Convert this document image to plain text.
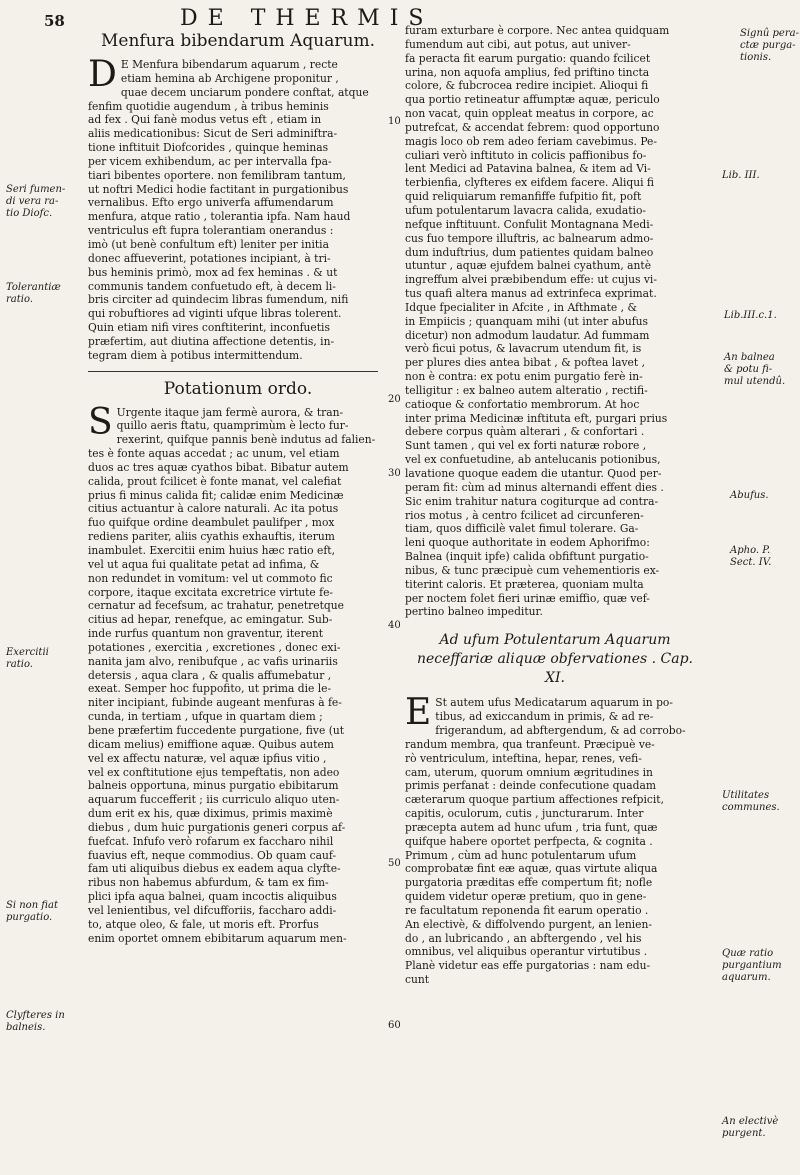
58	DE THERMIS
Menfura bibendarum Aquarum.
D E Menfura bibendarum aquarum , recte
etiam hemina ab Archigene proponitur ,
quae decem unciarum pondere conftat, atque
fenfim quotidie augendum , à tribus heminis
ad fex . Qui fanè modus vetus eft , etiam in
aliis medicationibus: Sicut de Seri adminiftra-
tione inftituit Diofcorides , quinque heminas
per vicem exhibendum, ac per intervalla fpa-
tiari bibentes oportere. non femilibram tantum,
ut noftri Medici hodie factitant in purgationibus
vernalibus. Efto ergo univerfa affumendarum
menfura, atque ratio , tolerantia ipfa. Nam haud
ventriculus eft fupra tolerantiam onerandus :
imò (ut benè confultum eft) leniter per initia
donec affueverint, potationes incipiant, à tri-
bus heminis primò, mox ad fex heminas . & ut
communis tandem confuetudo eft, à decem li-
bris circiter ad quindecim libras fumendum, nifi
qui robuftiores ad viginti ufque libras tolerent.
Quin etiam nifi vires conftiterint, inconfuetis
præfertim, aut diutina affectione detentis, in-
tegram diem à potibus intermittendum.
Potationum ordo.
S Urgente itaque jam fermè aurora, & tran-
quillo aeris ftatu, quamprimùm è lecto fur-
rexerint, quifque pannis benè indutus ad falien-
tes è fonte aquas accedat ; ac unum, vel etiam
duos ac tres aquæ cyathos bibat. Bibatur autem
calida, prout fcilicet è fonte manat, vel calefiat
prius fi minus calida fit; calidæ enim Medicinæ
citius actuantur à calore naturali. Ac ita potus
fuo quifque ordine deambulet paulifper , mox
rediens pariter, aliis cyathis exhauftis, iterum
inambulet. Exercitii enim huius hæc ratio eft,
vel ut aqua fui qualitate petat ad infima, &
non redundet in vomitum: vel ut commoto fic
corpore, itaque excitata excretrice virtute fe-
cernatur ad fecefsum, ac trahatur, penetretque
citius ad hepar, renefque, ac emingatur. Sub-
inde rurfus quantum non graventur, iterent
potationes , exercitia , excretiones , donec exi-
nanita jam alvo, renibufque , ac vafis urinariis
detersis , aqua clara , & qualis affumebatur ,
exeat. Semper hoc fuppofito, ut prima die le-
niter incipiant, fubinde augeant menfuras à fe-
cunda, in tertiam , ufque in quartam diem ;
bene præfertim fuccedente purgatione, five (ut
dicam melius) emiffione aquæ. Quibus autem
vel ex affectu naturæ, vel aquæ ipfius vitio ,
vel ex conftitutione ejus tempeftatis, non adeo
balneis opportuna, minus purgatio ebibitarum
aquarum fuccefferit ; iis curriculo aliquo uten-
dum erit ex his, quæ diximus, primis maximè
diebus , dum huic purgationis generi corpus af-
fuefcat. Infufo verò rofarum ex faccharo nihil
fuavius eft, neque commodius. Ob quam cauf-
fam uti aliquibus diebus ex eadem aqua clyfte-
ribus non habemus abfurdum, & tam ex fim-
plici ipfa aqua balnei, quam incoctis aliquibus
vel lenientibus, vel difcufforiis, faccharo addi-
to, atque oleo, & fale, ut moris eft. Prorfus
enim oportet omnem ebibitarum aquarum men-
furam exturbare è corpore. Nec antea quidquam
fumendum aut cibi, aut potus, aut univer-
fa peracta fit earum purgatio: quando fcilicet
urina, non aquofa amplius, fed priftino tincta
colore, & fubcrocea redire incipiet. Alioqui fi
qua portio retineatur affumptæ aquæ, periculo
non vacat, quin oppleat meatus in corpore, ac
putrefcat, & accendat febrem: quod opportuno
magis loco ob rem adeo feriam cavebimus. Pe-
culiari verò inftituto in colicis paffionibus fo-
lent Medici ad Patavina balnea, & item ad Vi-
terbienfia, clyfteres ex eifdem facere. Aliqui fi
quid reliquiarum remanfiffe fufpitio fit, poft
ufum potulentarum lavacra calida, exudatio-
nefque inftituunt. Confulit Montagnana Medi-
cus fuo tempore illuftris, ac balnearum admo-
dum induftrius, dum patientes quidam balneo
utuntur , aquæ ejufdem balnei cyathum, antè
ingreffum alvei præbibendum effe: ut cujus vi-
tus quafi altera manus ad extrinfeca exprimat.
Idque fpecialiter in Afcite , in Afthmate , &
in Empiicis ; quanquam mihi (ut inter abufus
dicetur) non admodum laudatur. Ad fummam
verò ficui potus, & lavacrum utendum fit, is
per plures dies antea bibat , & poftea lavet ,
non è contra: ex potu enim purgatio ferè in-
telligitur : ex balneo autem alteratio , rectifi-
catioque & confortatio membrorum. At hoc
inter prima Medicinæ inftituta eft, purgari prius
debere corpus quàm alterari , & confortari .
Sunt tamen , qui vel ex forti naturæ robore ,
vel ex confuetudine, ab antelucanis potionibus,
lavatione quoque eadem die utantur. Quod per-
peram fit: cùm ad minus alternandi effent dies .
Sic enim trahitur natura cogiturque ad contra-
rios motus , à centro fcilicet ad circunferen-
tiam, quos difficilè valet fimul tolerare. Ga-
leni quoque authoritate in eodem Aphorifmo:
Balnea (inquit ipfe) calida obfiftunt purgatio-
nibus, & tunc præcipuè cum vehementioris ex-
titerint caloris. Et præterea, quoniam multa
per noctem folet fieri urinæ emiffio, quæ vef-
pertino balneo impeditur.
Ad ufum Potulentarum Aquarum neceffariæ aliquæ obfervationes . Cap. XI.
E St autem ufus Medicatarum aquarum in po-
tibus, ad exiccandum in primis, & ad re-
frigerandum, ad abftergendum, & ad corrobo-
randum membra, qua tranfeunt. Præcipuè ve-
rò ventriculum, inteftina, hepar, renes, vefi-
cam, uterum, quorum omnium ægritudines in
primis perfanat : deinde confecutione quadam
cæterarum quoque partium affectiones refpicit,
capitis, oculorum, cutis , juncturarum. Inter
præcepta autem ad hunc ufum , tria funt, quæ
quifque habere oportet perfpecta, & cognita .
Primum , cùm ad hunc potulentarum ufum
comprobatæ fint eæ aquæ, quas virtute aliqua
purgatoria præditas effe compertum fit; nofle
quidem videtur operæ pretium, quo in gene-
re facultatum reponenda fit earum operatio .
An electivè, & diffolvendo purgent, an lenien-
do , an lubricando , an abftergendo , vel his
omnibus, vel aliquibus operantur virtutibus .
Planè videtur eas effe purgatorias : nam edu-
cunt
Seri fumen-
di vera ra-
tio Diofc.
Tolerantiæ
ratio.
Exercitii
ratio.
Si non fiat
purgatio.
Clyfteres in
balneis.
Signû pera-
ctæ purga-
tionis.
Lib. III.
Lib.III.c.1.
An balnea
& potu fi-
mul utendû.
Abufus.
Apho. P.
Sect. IV.
Utilitates
communes.
Quæ ratio
purgantium
aquarum.
An electivè
purgent.
10
20
30
40
50
60
